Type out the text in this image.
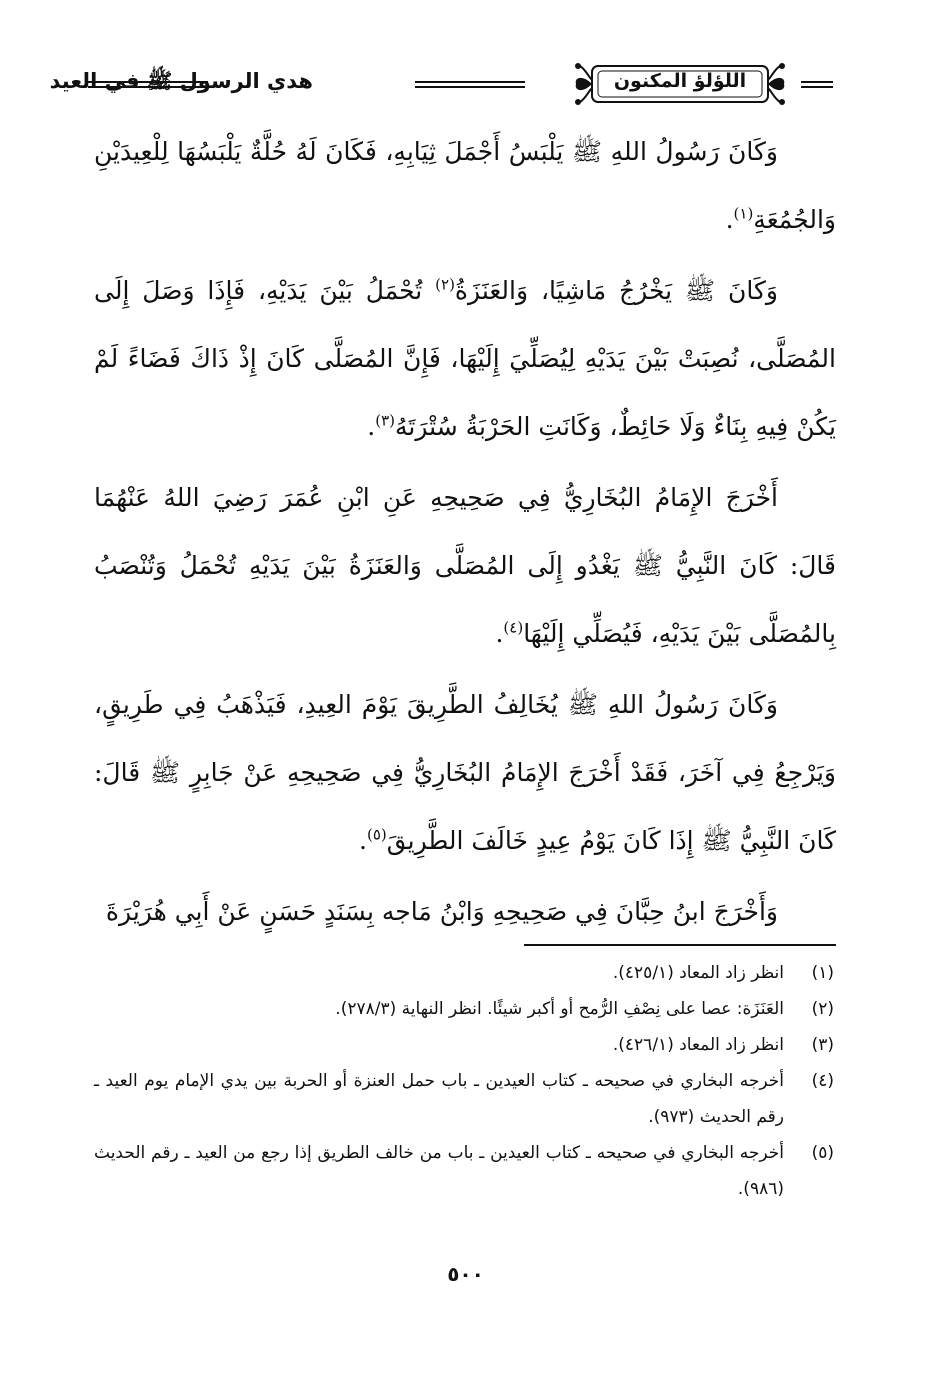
هدي الرسول ﷺ في العيد	اللؤلؤ المكنون

وَكَانَ رَسُولُ اللهِ ﷺ يَلْبَسُ أَجْمَلَ ثِيَابِهِ، فَكَانَ لَهُ حُلَّةٌ يَلْبَسُهَا لِلْعِيدَيْنِ وَالجُمُعَةِ$^{(١)}$.

وَكَانَ ﷺ يَخْرُجُ مَاشِيًا، وَالعَنَزَةُ$^{(٢)}$ تُحْمَلُ بَيْنَ يَدَيْهِ، فَإِذَا وَصَلَ إِلَى المُصَلَّى، نُصِبَتْ بَيْنَ يَدَيْهِ لِيُصَلِّيَ إِلَيْهَا، فَإِنَّ المُصَلَّى كَانَ إِذْ ذَاكَ فَضَاءً لَمْ يَكُنْ فِيهِ بِنَاءٌ وَلَا حَائِطٌ، وَكَانَتِ الحَرْبَةُ سُتْرَتَهُ$^{(٣)}$.

أَخْرَجَ الإِمَامُ البُخَارِيُّ فِي صَحِيحِهِ عَنِ ابْنِ عُمَرَ رَضِيَ اللهُ عَنْهُمَا قَالَ: كَانَ النَّبِيُّ ﷺ يَغْدُو إِلَى المُصَلَّى وَالعَنَزَةُ بَيْنَ يَدَيْهِ تُحْمَلُ وَتُنْصَبُ بِالمُصَلَّى بَيْنَ يَدَيْهِ، فَيُصَلِّي إِلَيْهَا$^{(٤)}$.

وَكَانَ رَسُولُ اللهِ ﷺ يُخَالِفُ الطَّرِيقَ يَوْمَ العِيدِ، فَيَذْهَبُ فِي طَرِيقٍ، وَيَرْجِعُ فِي آخَرَ، فَقَدْ أَخْرَجَ الإِمَامُ البُخَارِيُّ فِي صَحِيحِهِ عَنْ جَابِرٍ ﷺ قَالَ: كَانَ النَّبِيُّ ﷺ إِذَا كَانَ يَوْمُ عِيدٍ خَالَفَ الطَّرِيقَ$^{(٥)}$.

وَأَخْرَجَ ابنُ حِبَّانَ فِي صَحِيحِهِ وَابْنُ مَاجه بِسَنَدٍ حَسَنٍ عَنْ أَبِي هُرَيْرَةَ

(١)
انظر زاد المعاد (٤٢٥/١).
(٢)
العَنَزَة: عصا على نِصْفِ الرُّمح أو أكبر شيئًا. انظر النهاية (٢٧٨/٣).
(٣)
انظر زاد المعاد (٤٢٦/١).
(٤)
أخرجه البخاري في صحيحه ـ كتاب العيدين ـ باب حمل العنزة أو الحربة بين يدي الإمام يوم العيد ـ رقم الحديث (٩٧٣).
(٥)
أخرجه البخاري في صحيحه ـ كتاب العيدين ـ باب من خالف الطريق إذا رجع من العيد ـ رقم الحديث (٩٨٦).
٥٠٠
